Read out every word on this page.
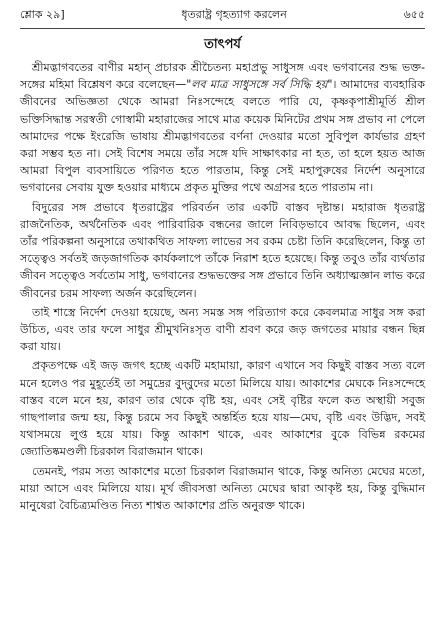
শ্লোক ২৯]	ধৃতরাষ্ট্র গৃহত্যাগ করলেন	৬৫৫
তাৎপর্য

শ্রীমদ্ভাগবতের বাণীর মহান্ প্রচারক শ্রীচৈতন্য মহাপ্রভু সাধুসঙ্গ এবং ভগবানের শুদ্ধ ভক্ত-সঙ্গের মহিমা বিশ্লেষণ করে বলেছেন—"লব মাত্র সাধুসঙ্গে সর্ব সিদ্ধি হয়"। আমাদের ব্যবহারিক জীবনের অভিজ্ঞতা থেকে আমরা নিঃসন্দেহে বলতে পারি যে, কৃষ্ণকৃপাশ্রীমূর্তি শ্রীল ভক্তিসিদ্ধান্ত সরস্বতী গোস্বামী মহারাজের সাথে মাত্র কয়েক মিনিটের প্রথম সঙ্গ প্রভাব না পেলে আমাদের পক্ষে ইংরেজি ভাষায় শ্রীমদ্ভাগবতের বর্ণনা দেওয়ার মতো সুবিপুল কার্যভার গ্রহণ করা সম্ভব হত না। সেই বিশেষ সময়ে তাঁর সঙ্গে যদি সাক্ষাৎকার না হত, তা হলে হয়ত আজ আমরা বিপুল ব্যবসায়িতে পরিণত হতে পারতাম, কিন্তু সেই মহাপুরুষের নির্দেশ অনুসারে ভগবানের সেবায় যুক্ত হওয়ার মাধ্যমে প্রকৃত মুক্তির পথে অগ্রসর হতে পারতাম না।

বিদুরের সঙ্গ প্রভাবে ধৃতরাষ্ট্রের পরিবর্তন তার একটি বাস্তব দৃষ্টান্ত। মহারাজ ধৃতরাষ্ট্র রাজনৈতিক, অর্থনৈতিক এবং পারিবারিক বন্ধনের জালে নিবিড়ভাবে আবদ্ধ ছিলেন, এবং তাঁর পরিকল্পনা অনুসারে তথাকথিত সাফল্য লাভের সব রকম চেষ্টা তিনি করেছিলেন, কিন্তু তা সত্ত্বেও সর্বতই জড়জাগতিক কার্যকলাপে তাঁকে নিরাশ হতে হয়েছে। কিন্তু তবুও তাঁর ব্যর্থতার জীবন সত্ত্বেও সর্বতোম সাধু, ভগবানের শুদ্ধভক্তের সঙ্গ প্রভাবে তিনি অধ্যাত্মজ্ঞান লাভ করে জীবনের চরম সাফল্য অর্জন করেছিলেন।

তাই শাস্ত্রে নির্দেশ দেওয়া হয়েছে, অন্য সমস্ত সঙ্গ পরিত্যাগ করে কেবলমাত্র সাধুর সঙ্গ করা উচিত, এবং তার ফলে সাধুর শ্রীমুখনিঃসৃত বাণী শ্রবণ করে জড় জগতের মায়ার বন্ধন ছিন্ন করা যায়।

প্রকৃতপক্ষে এই জড় জগৎ হচ্ছে একটি মহামায়া, কারণ এখানে সব কিছুই বাস্তব সত্য বলে মনে হলেও পর মুহূর্তেই তা সমুদ্রের বুদ্‌বুদের মতো মিলিয়ে যায়। আকাশের মেঘকে নিঃসন্দেহে বাস্তব বলে মনে হয়, কারণ তার থেকে বৃষ্টি হয়, এবং সেই বৃষ্টির ফলে কত অস্থায়ী সবুজ গাছপালার জন্ম হয়, কিন্তু চরমে সব কিছুই অন্তর্হিত হয়ে যায়—মেঘ, বৃষ্টি এবং উদ্ভিদ, সবই যথাসময়ে লুপ্ত হয়ে যায়। কিন্তু আকাশ থাকে, এবং আকাশের বুকে বিভিন্ন রকমের জ্যোতিষ্কমণ্ডলী চিরকাল বিরাজমান থাকে।

তেমনই, পরম সত্য আকাশের মতো চিরকাল বিরাজমান থাকে, কিন্তু অনিত্য মেঘের মতো, মায়া আসে এবং মিলিয়ে যায়। মূর্খ জীবসত্তা অনিত্য মেঘের দ্বারা আকৃষ্ট হয়, কিন্তু বুদ্ধিমান মানুষেরা বৈচিত্র্যমণ্ডিত নিত্য শাশ্বত আকাশের প্রতি অনুরক্ত থাকে।
